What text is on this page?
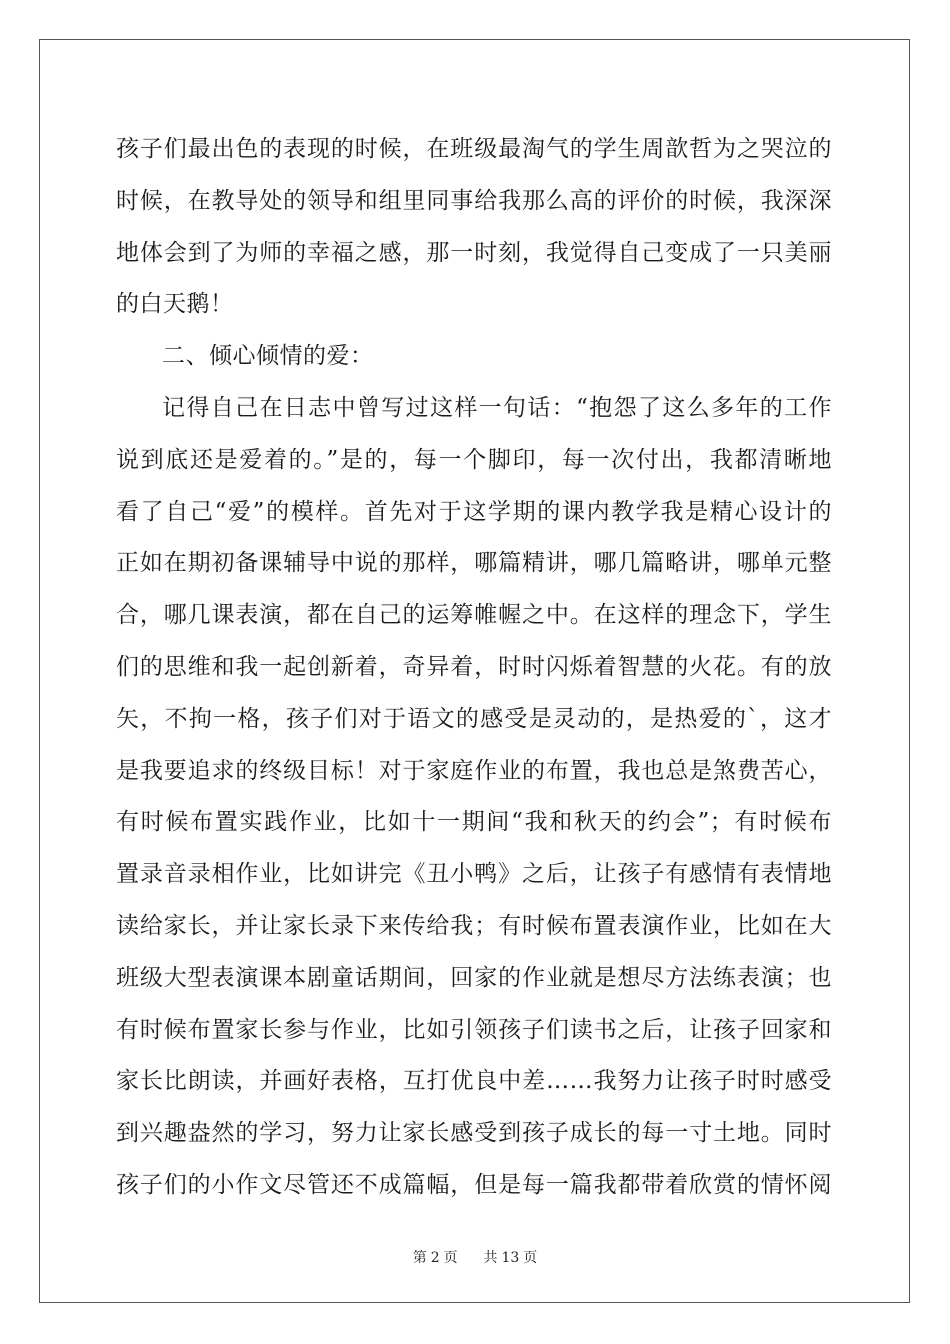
孩子们最出色的表现的时候，在班级最淘气的学生周歆哲为之哭泣的
时候，在教导处的领导和组里同事给我那么高的评价的时候，我深深
地体会到了为师的幸福之感，那一时刻，我觉得自己变成了一只美丽
的白天鹅！
二、倾心倾情的爱：
记得自己在日志中曾写过这样一句话：“抱怨了这么多年的工作
说到底还是爱着的。”是的，每一个脚印，每一次付出，我都清晰地
看了自己“爱”的模样。首先对于这学期的课内教学我是精心设计的
正如在期初备课辅导中说的那样，哪篇精讲，哪几篇略讲，哪单元整
合，哪几课表演，都在自己的运筹帷幄之中。在这样的理念下，学生
们的思维和我一起创新着，奇异着，时时闪烁着智慧的火花。有的放
矢，不拘一格，孩子们对于语文的感受是灵动的，是热爱的`，这才
是我要追求的终级目标！对于家庭作业的布置，我也总是煞费苦心，
有时候布置实践作业，比如十一期间“我和秋天的约会”；有时候布
置录音录相作业，比如讲完《丑小鸭》之后，让孩子有感情有表情地
读给家长，并让家长录下来传给我；有时候布置表演作业，比如在大
班级大型表演课本剧童话期间，回家的作业就是想尽方法练表演；也
有时候布置家长参与作业，比如引领孩子们读书之后，让孩子回家和
家长比朗读，并画好表格，互打优良中差……我努力让孩子时时感受
到兴趣盎然的学习，努力让家长感受到孩子成长的每一寸土地。同时
孩子们的小作文尽管还不成篇幅，但是每一篇我都带着欣赏的情怀阅
第 2 页 共 13 页
